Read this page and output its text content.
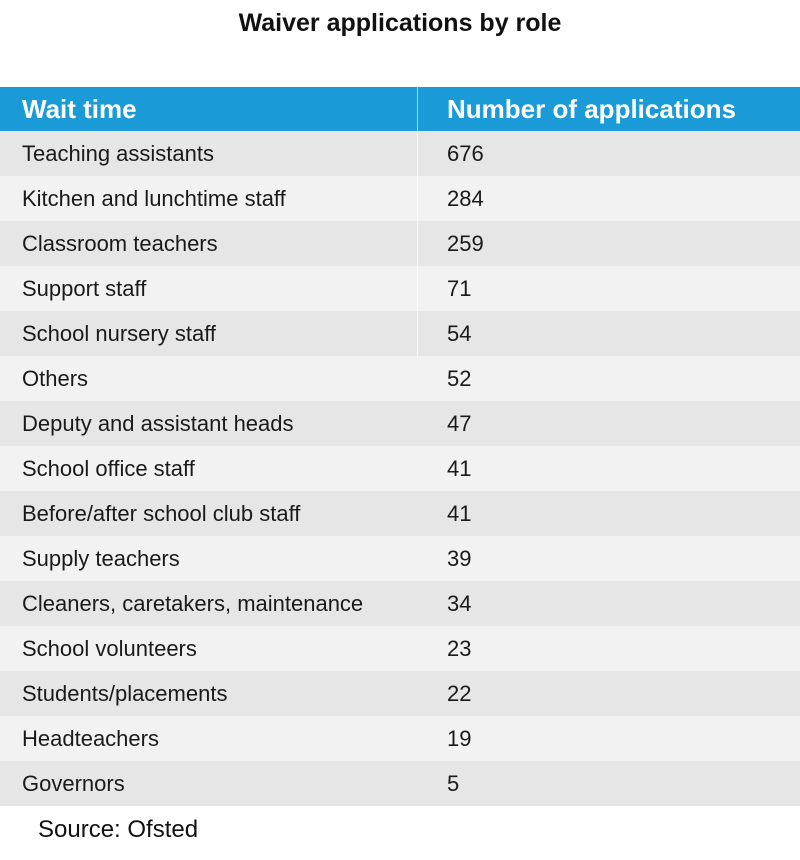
Waiver applications by role
Wait time	Number of applications
Teaching assistants	676
Kitchen and lunchtime staff	284
Classroom teachers	259
Support staff	71
School nursery staff	54
Others	52
Deputy and assistant heads	47
School office staff	41
Before/after school club staff	41
Supply teachers	39
Cleaners, caretakers, maintenance	34
School volunteers	23
Students/placements	22
Headteachers	19
Governors	5
Source: Ofsted
